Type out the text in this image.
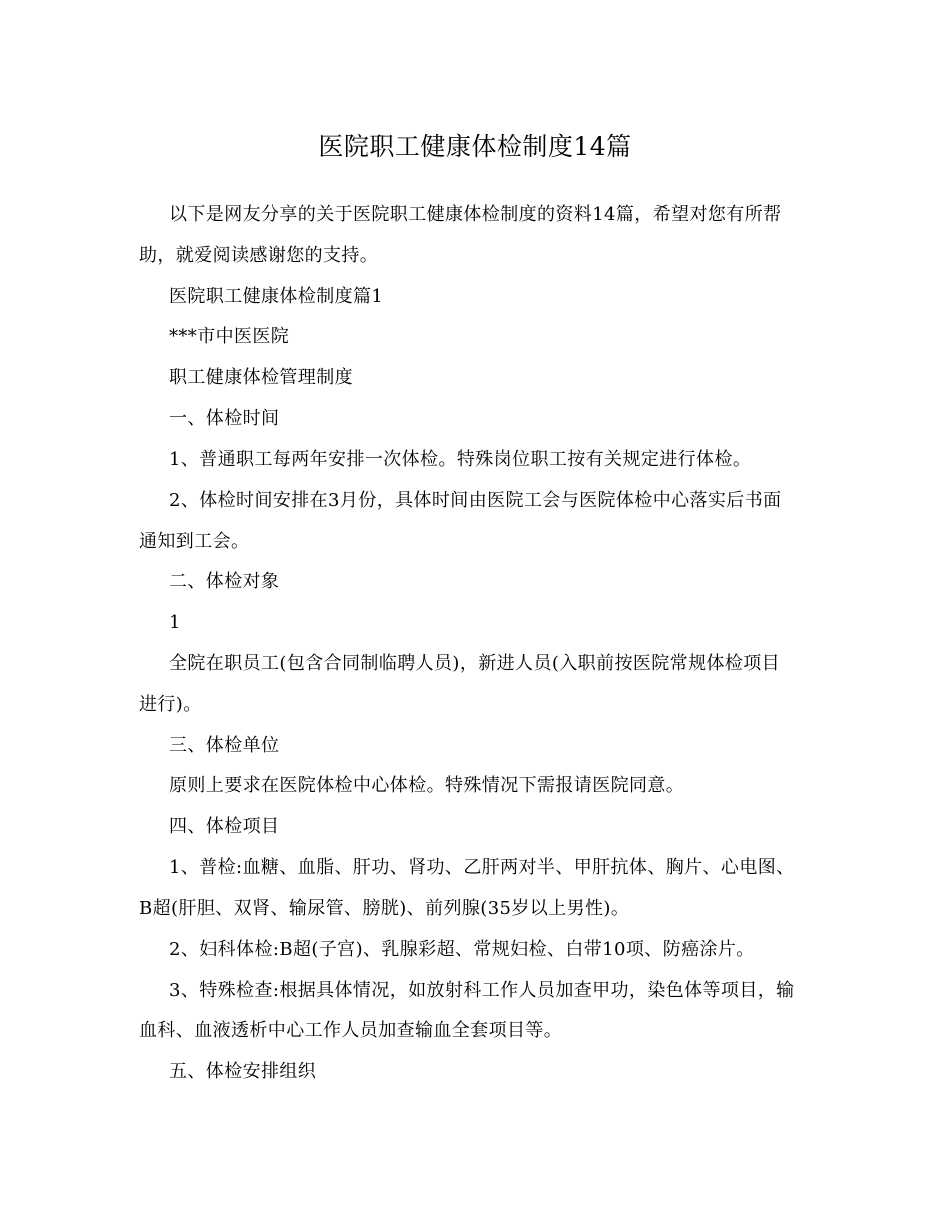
医院职工健康体检制度14篇
以下是网友分享的关于医院职工健康体检制度的资料14篇，希望对您有所帮
助，就爱阅读感谢您的支持。
医院职工健康体检制度篇1
***市中医医院
职工健康体检管理制度
一、体检时间
1、普通职工每两年安排一次体检。特殊岗位职工按有关规定进行体检。
2、体检时间安排在3月份，具体时间由医院工会与医院体检中心落实后书面
通知到工会。
二、体检对象
1
全院在职员工(包含合同制临聘人员)，新进人员(入职前按医院常规体检项目
进行)。
三、体检单位
原则上要求在医院体检中心体检。特殊情况下需报请医院同意。
四、体检项目
1、普检:血糖、血脂、肝功、肾功、乙肝两对半、甲肝抗体、胸片、心电图、
B超(肝胆、双肾、输尿管、膀胱)、前列腺(35岁以上男性)。
2、妇科体检:B超(子宫)、乳腺彩超、常规妇检、白带10项、防癌涂片。
3、特殊检查:根据具体情况，如放射科工作人员加查甲功，染色体等项目，输
血科、血液透析中心工作人员加查输血全套项目等。
五、体检安排组织
